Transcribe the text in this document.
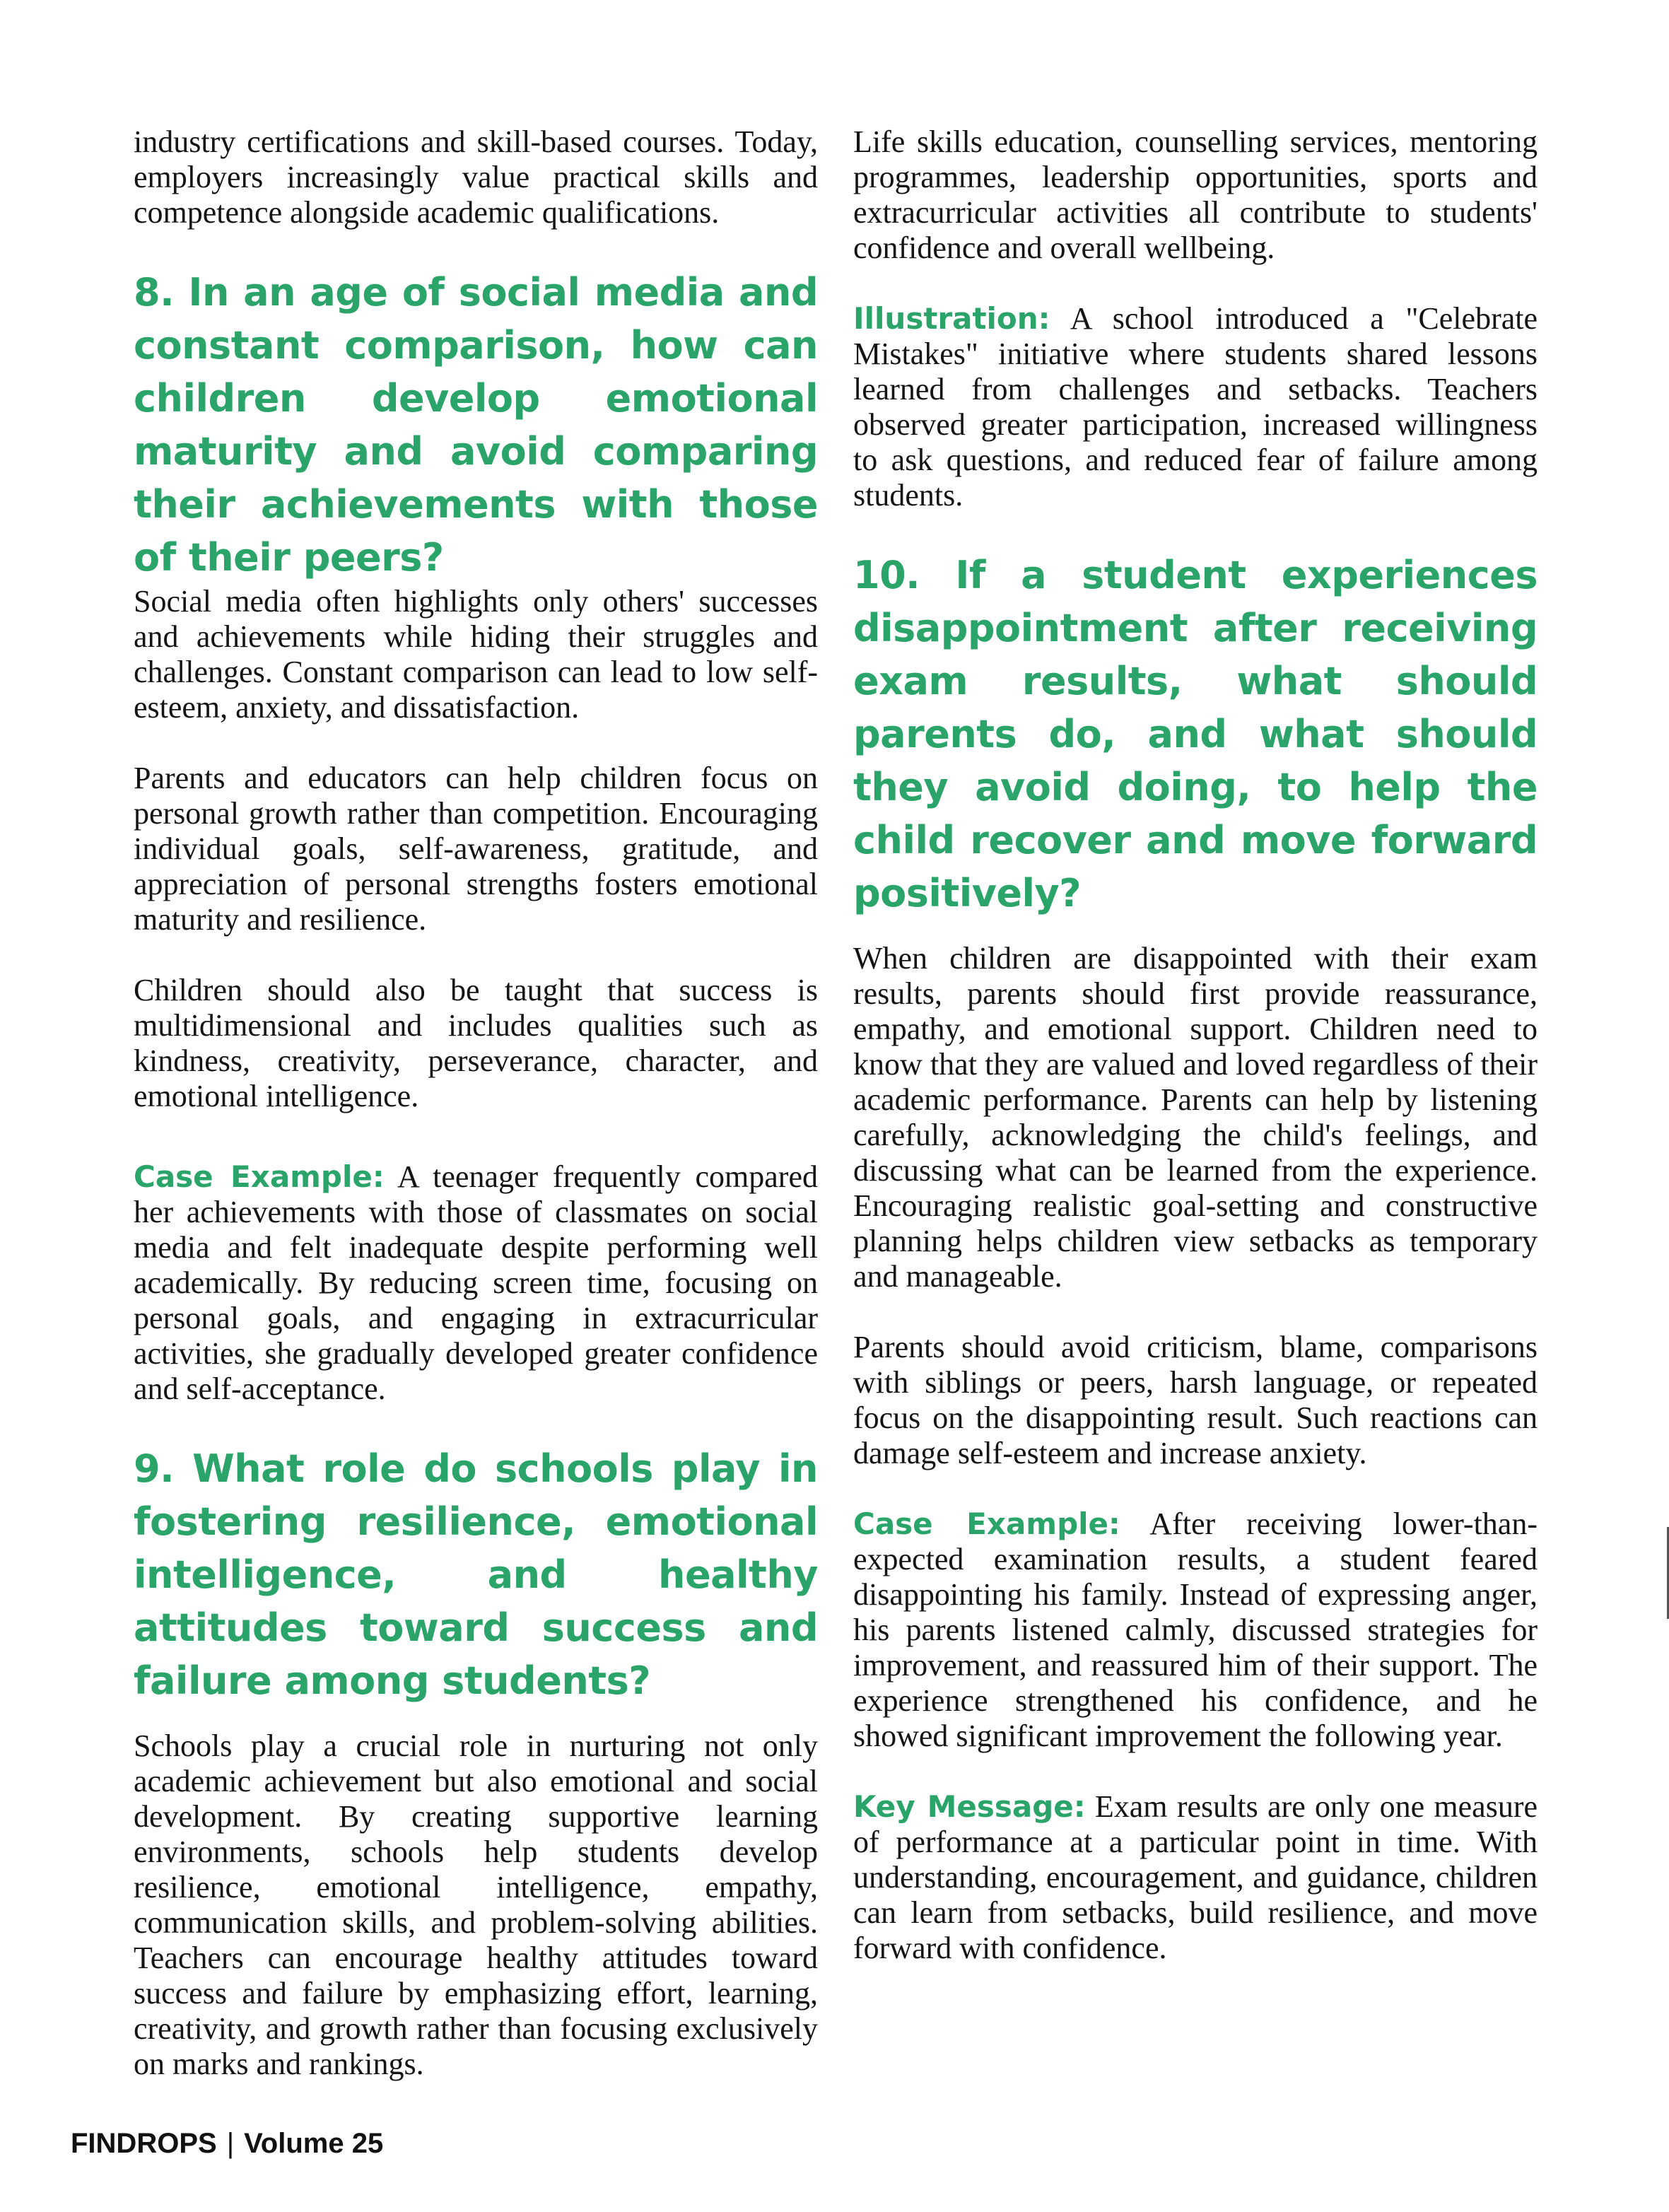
industry certifications and skill-based courses. Today, employers increasingly value practical skills and competence alongside academic qualifications.

8. In an age of social media and constant comparison, how can children develop emotional maturity and avoid comparing their achievements with those of their peers?

Social media often highlights only others' successes and achievements while hiding their struggles and challenges. Constant comparison can lead to low self-esteem, anxiety, and dissatisfaction.

Parents and educators can help children focus on personal growth rather than competition. Encouraging individual goals, self-awareness, gratitude, and appreciation of personal strengths fosters emotional maturity and resilience.

Children should also be taught that success is multidimensional and includes qualities such as kindness, creativity, perseverance, character, and emotional intelligence.

Case Example: A teenager frequently compared her achievements with those of classmates on social media and felt inadequate despite performing well academically. By reducing screen time, focusing on personal goals, and engaging in extracurricular activities, she gradually developed greater confidence and self-acceptance.

9. What role do schools play in fostering resilience, emotional intelligence, and healthy attitudes toward success and failure among students?

Schools play a crucial role in nurturing not only academic achievement but also emotional and social development. By creating supportive learning environments, schools help students develop resilience, emotional intelligence, empathy, communication skills, and problem-solving abilities. Teachers can encourage healthy attitudes toward success and failure by emphasizing effort, learning, creativity, and growth rather than focusing exclusively on marks and rankings.

Life skills education, counselling services, mentoring programmes, leadership opportunities, sports and extracurricular activities all contribute to students' confidence and overall wellbeing.

Illustration: A school introduced a "Celebrate Mistakes" initiative where students shared lessons learned from challenges and setbacks. Teachers observed greater participation, increased willingness to ask questions, and reduced fear of failure among students.

10. If a student experiences disappointment after receiving exam results, what should parents do, and what should they avoid doing, to help the child recover and move forward positively?

When children are disappointed with their exam results, parents should first provide reassurance, empathy, and emotional support. Children need to know that they are valued and loved regardless of their academic performance. Parents can help by listening carefully, acknowledging the child's feelings, and discussing what can be learned from the experience. Encouraging realistic goal-setting and constructive planning helps children view setbacks as temporary and manageable.

Parents should avoid criticism, blame, comparisons with siblings or peers, harsh language, or repeated focus on the disappointing result. Such reactions can damage self-esteem and increase anxiety.

Case Example: After receiving lower-than-expected examination results, a student feared disappointing his family. Instead of expressing anger, his parents listened calmly, discussed strategies for improvement, and reassured him of their support. The experience strengthened his confidence, and he showed significant improvement the following year.

Key Message: Exam results are only one measure of performance at a particular point in time. With understanding, encouragement, and guidance, children can learn from setbacks, build resilience, and move forward with confidence.

FINDROPS | Volume 25
